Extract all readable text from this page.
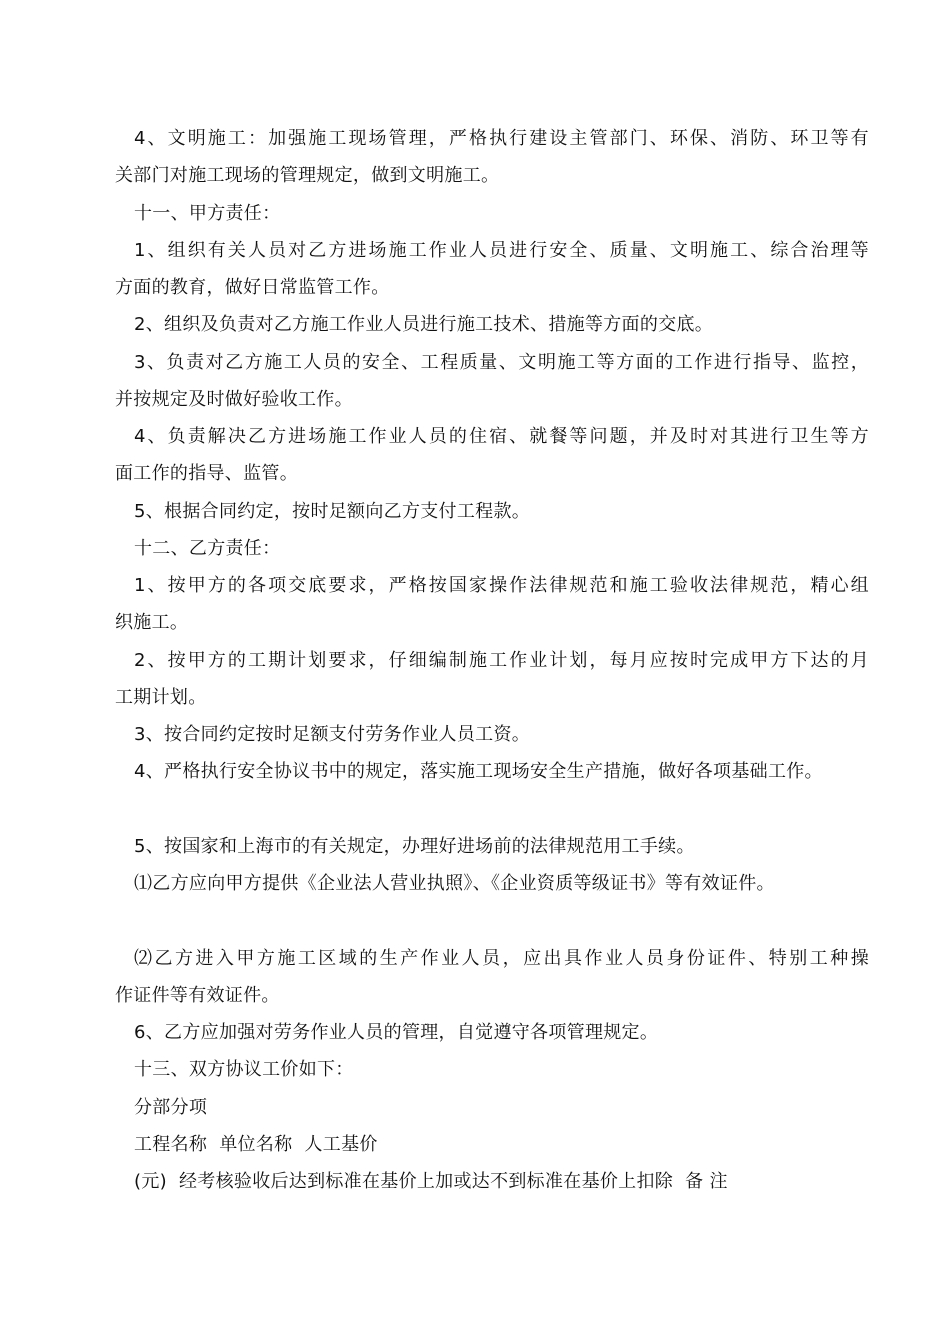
4、文明施工：加强施工现场管理，严格执行建设主管部门、环保、消防、环卫等有
关部门对施工现场的管理规定，做到文明施工。
十一、甲方责任：
1、组织有关人员对乙方进场施工作业人员进行安全、质量、文明施工、综合治理等
方面的教育，做好日常监管工作。
2、组织及负责对乙方施工作业人员进行施工技术、措施等方面的交底。
3、负责对乙方施工人员的安全、工程质量、文明施工等方面的工作进行指导、监控，
并按规定及时做好验收工作。
4、负责解决乙方进场施工作业人员的住宿、就餐等问题，并及时对其进行卫生等方
面工作的指导、监管。
5、根据合同约定，按时足额向乙方支付工程款。
十二、乙方责任：
1、按甲方的各项交底要求，严格按国家操作法律规范和施工验收法律规范，精心组
织施工。
2、按甲方的工期计划要求，仔细编制施工作业计划，每月应按时完成甲方下达的月
工期计划。
3、按合同约定按时足额支付劳务作业人员工资。
4、严格执行安全协议书中的规定，落实施工现场安全生产措施，做好各项基础工作。
5、按国家和上海市的有关规定，办理好进场前的法律规范用工手续。
⑴乙方应向甲方提供《企业法人营业执照》、《企业资质等级证书》等有效证件。
⑵乙方进入甲方施工区域的生产作业人员，应出具作业人员身份证件、特别工种操
作证件等有效证件。
6、乙方应加强对劳务作业人员的管理，自觉遵守各项管理规定。
十三、双方协议工价如下：
分部分项
工程名称  单位名称  人工基价
(元)  经考核验收后达到标准在基价上加或达不到标准在基价上扣除  备 注
